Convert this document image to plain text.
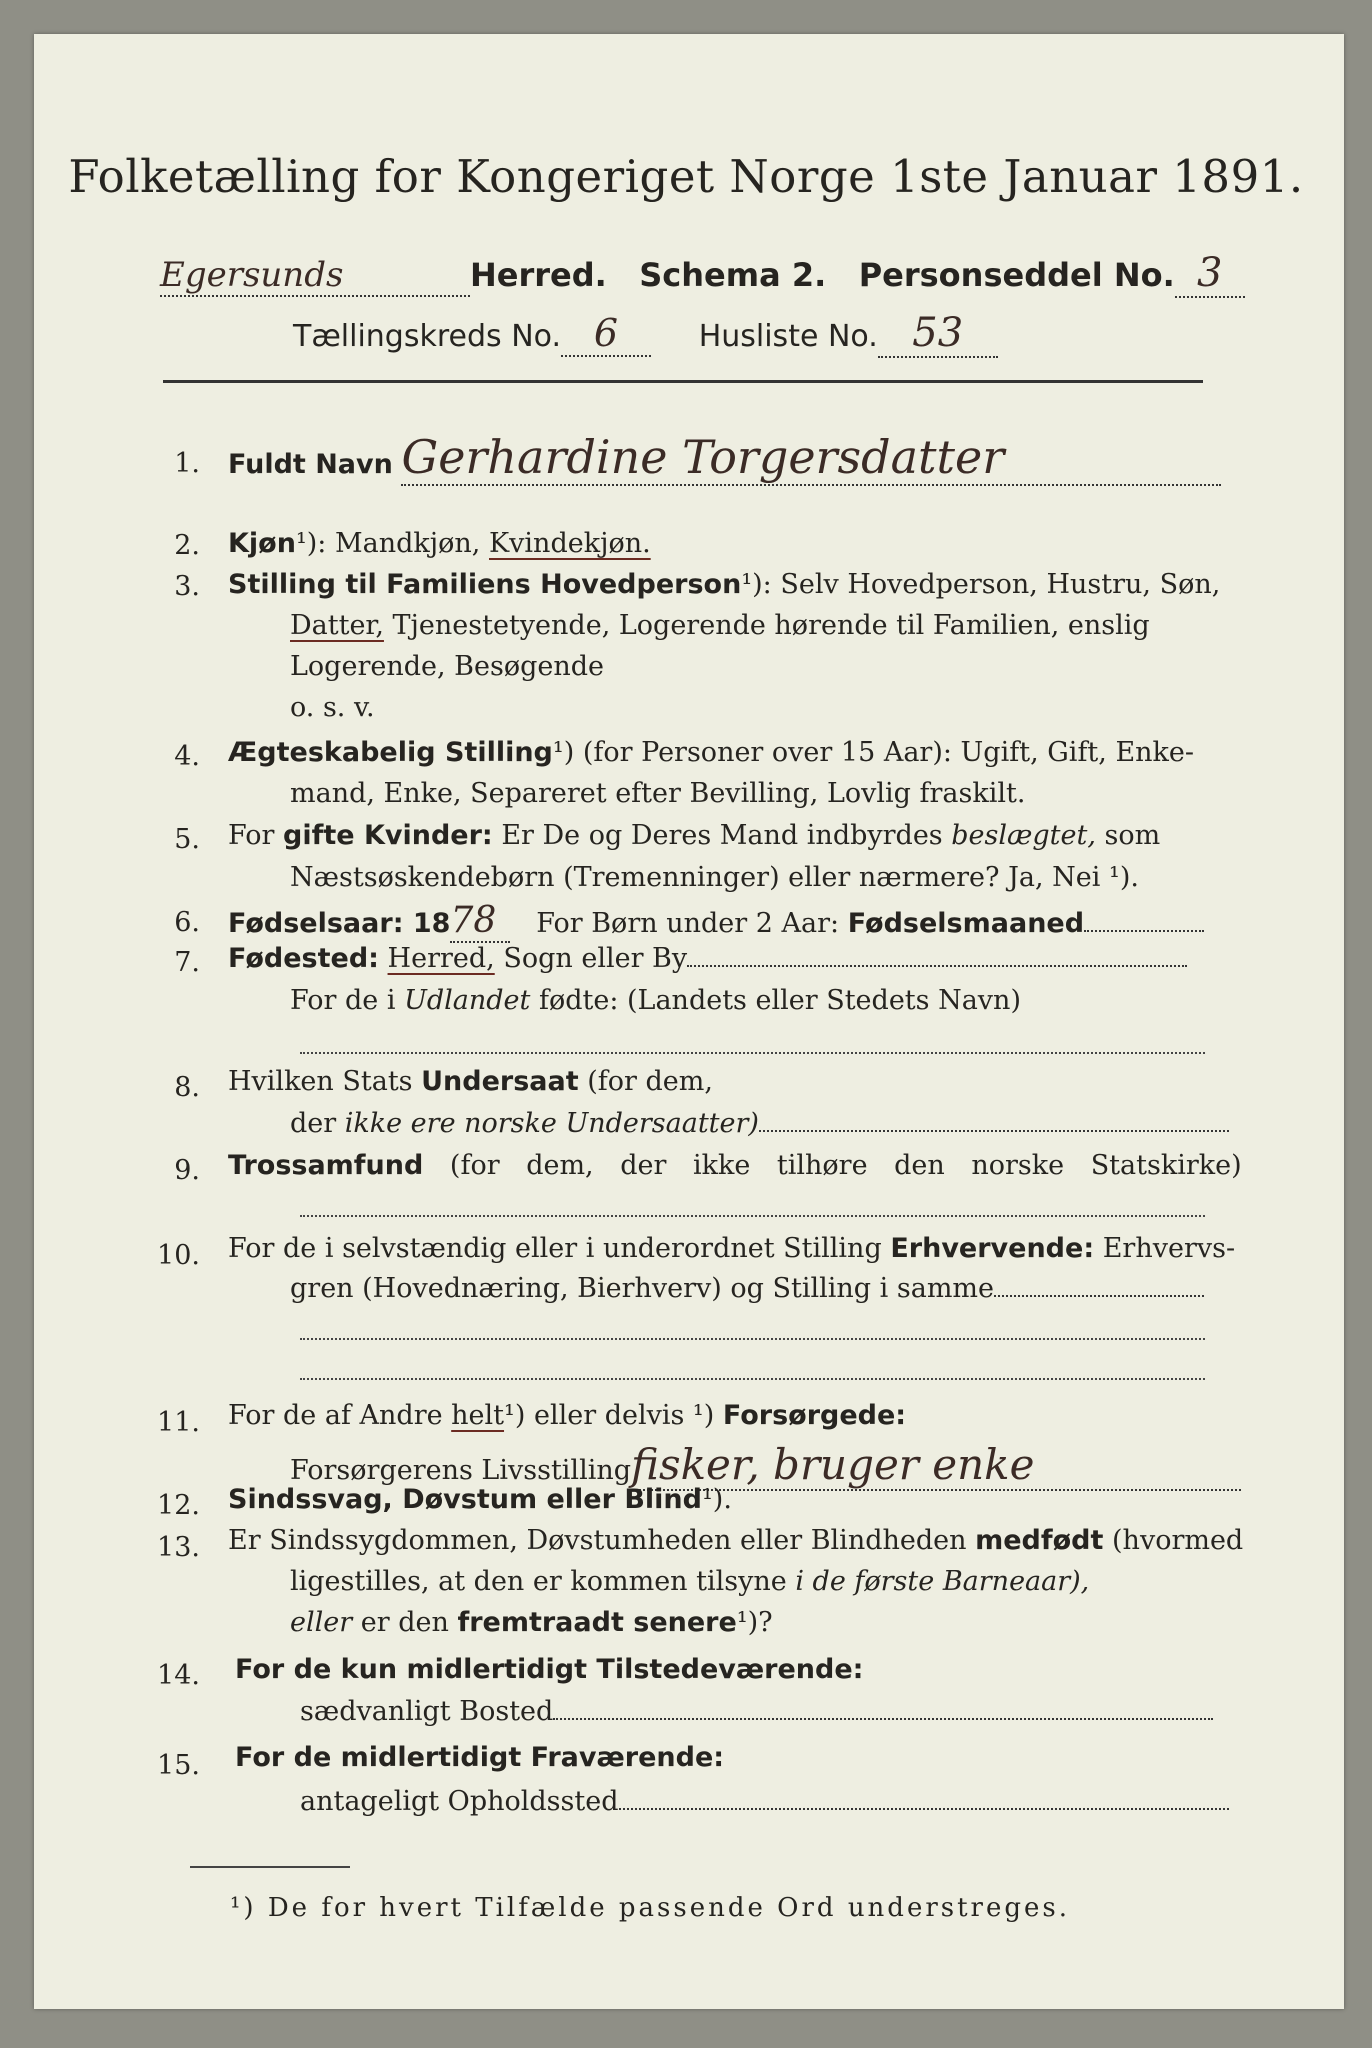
Folketælling for Kongeriget Norge 1ste Januar 1891.
Egersunds	Herred. Schema 2. Personseddel No. 3
Tællingskreds No. 6	Husliste No. 53
1. Fuldt Navn Gerhardine Torgersdatter
2. Kjøn¹): Mandkjøn, Kvindekjøn.
3. Stilling til Familiens Hovedperson¹): Selv Hovedperson, Hustru, Søn,
Datter, Tjenestetyende, Logerende hørende til Familien, enslig
Logerende, Besøgende
o. s. v.
4. Ægteskabelig Stilling¹) (for Personer over 15 Aar): Ugift, Gift, Enke-
mand, Enke, Separeret efter Bevilling, Lovlig fraskilt.
5. For gifte Kvinder: Er De og Deres Mand indbyrdes beslægtet, som
Næstsøskendebørn (Tremenninger) eller nærmere? Ja, Nei ¹).
6. Fødselsaar: 1878 For Børn under 2 Aar: Fødselsmaaned
7. Fødested: Herred, Sogn eller By
For de i Udlandet fødte: (Landets eller Stedets Navn)
8. Hvilken Stats Undersaat (for dem,
der ikke ere norske Undersaatter)
9. Trossamfund (for dem, der ikke tilhøre den norske Statskirke)
10. For de i selvstændig eller i underordnet Stilling Erhvervende: Erhvervs-
gren (Hovednæring, Bierhverv) og Stilling i samme
11. For de af Andre helt¹) eller delvis ¹) Forsørgede:
Forsørgerens Livsstillingfisker, bruger enke
12. Sindssvag, Døvstum eller Blind¹).
13. Er Sindssygdommen, Døvstumheden eller Blindheden medfødt (hvormed
ligestilles, at den er kommen tilsyne i de første Barneaar),
eller er den fremtraadt senere¹)?
14. For de kun midlertidigt Tilstedeværende:
sædvanligt Bosted
15. For de midlertidigt Fraværende:
antageligt Opholdssted
¹) De for hvert Tilfælde passende Ord understreges.
